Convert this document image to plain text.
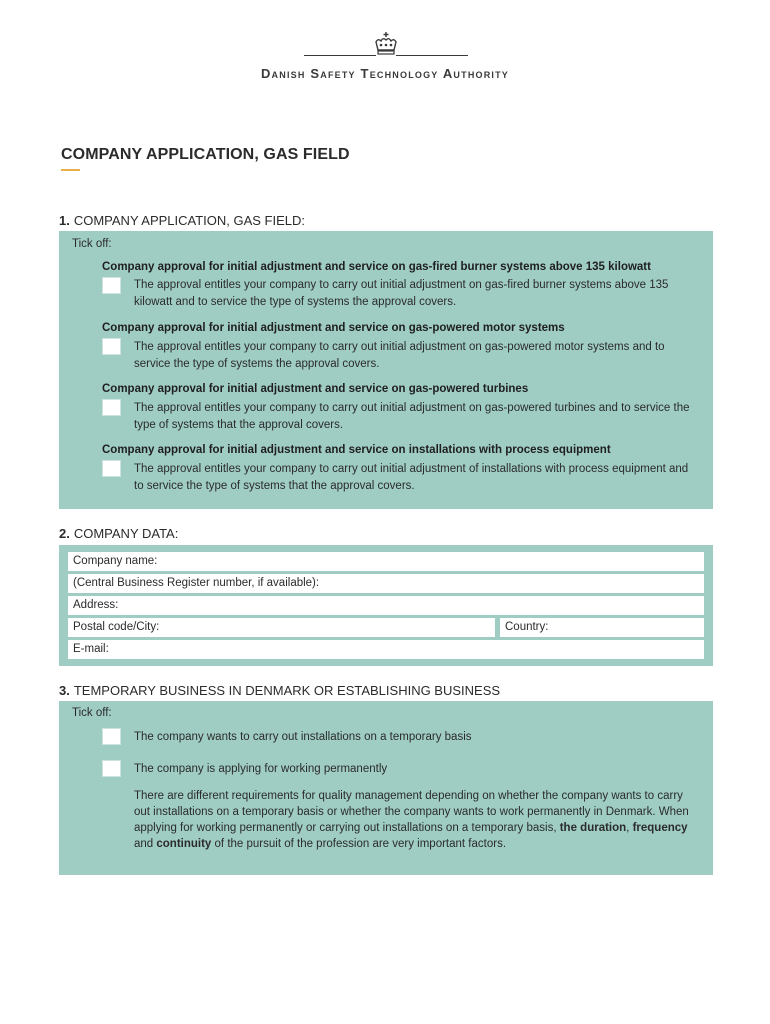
Danish Safety Technology Authority
COMPANY APPLICATION, GAS FIELD
1. COMPANY APPLICATION, GAS FIELD:
Tick off:
Company approval for initial adjustment and service on gas-fired burner systems above 135 kilowatt
The approval entitles your company to carry out initial adjustment on gas-fired burner systems above 135 kilowatt and to service the type of systems the approval covers.
Company approval for initial adjustment and service on gas-powered motor systems
The approval entitles your company to carry out initial adjustment on gas-powered motor systems and to service the type of systems the approval covers.
Company approval for initial adjustment and service on gas-powered turbines
The approval entitles your company to carry out initial adjustment on gas-powered turbines and to service the type of systems that the approval covers.
Company approval for initial adjustment and service on installations with process equipment
The approval entitles your company to carry out initial adjustment of installations with process equipment and to service the type of systems that the approval covers.
2. COMPANY DATA:
Company name:
(Central Business Register number, if available):
Address:
Postal code/City:	Country:
E-mail:
3. TEMPORARY BUSINESS IN DENMARK OR ESTABLISHING BUSINESS
Tick off:
The company wants to carry out installations on a temporary basis
The company is applying for working permanently
There are different requirements for quality management depending on whether the company wants to carry out installations on a temporary basis or whether the company wants to work permanently in Denmark. When applying for working permanently or carrying out installations on a temporary basis, the duration, frequency and continuity of the pursuit of the profession are very important factors.
